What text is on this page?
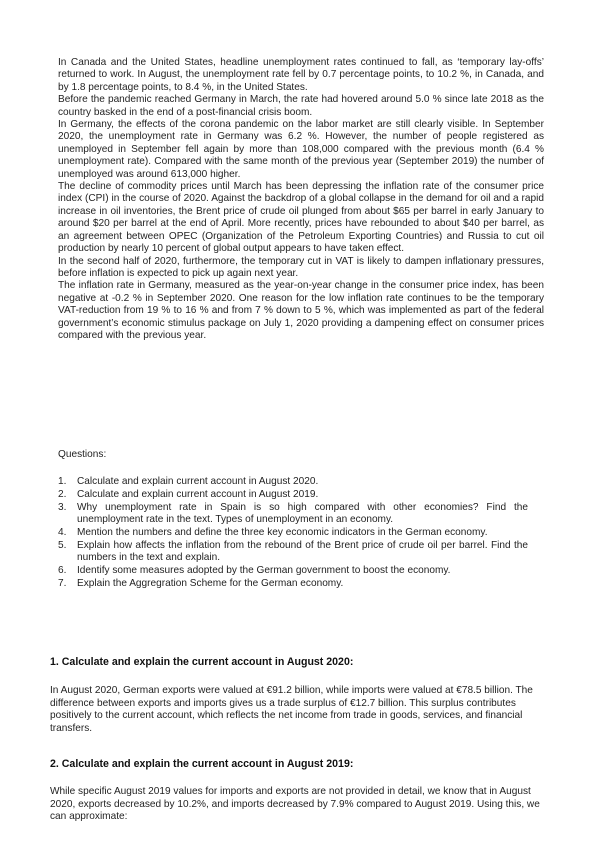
In Canada and the United States, headline unemployment rates continued to fall, as ‘temporary lay-offs’ returned to work. In August, the unemployment rate fell by 0.7 percentage points, to 10.2 %, in Canada, and by 1.8 percentage points, to 8.4 %, in the United States.

Before the pandemic reached Germany in March, the rate had hovered around 5.0 % since late 2018 as the country basked in the end of a post-financial crisis boom.

In Germany, the effects of the corona pandemic on the labor market are still clearly visible. In September 2020, the unemployment rate in Germany was 6.2 %. However, the number of people registered as unemployed in September fell again by more than 108,000 compared with the previous month (6.4 % unemployment rate). Compared with the same month of the previous year (September 2019) the number of unemployed was around 613,000 higher.

The decline of commodity prices until March has been depressing the inflation rate of the consumer price index (CPI) in the course of 2020. Against the backdrop of a global collapse in the demand for oil and a rapid increase in oil inventories, the Brent price of crude oil plunged from about $65 per barrel in early January to around $20 per barrel at the end of April. More recently, prices have rebounded to about $40 per barrel, as an agreement between OPEC (Organization of the Petroleum Exporting Countries) and Russia to cut oil production by nearly 10 percent of global output appears to have taken effect.

In the second half of 2020, furthermore, the temporary cut in VAT is likely to dampen inflationary pressures, before inflation is expected to pick up again next year.

The inflation rate in Germany, measured as the year-on-year change in the consumer price index, has been negative at -0.2 % in September 2020. One reason for the low inflation rate continues to be the temporary VAT-reduction from 19 % to 16 % and from 7 % down to 5 %, which was implemented as part of the federal government’s economic stimulus package on July 1, 2020 providing a dampening effect on consumer prices compared with the previous year.

Questions:

1. Calculate and explain current account in August 2020.
2. Calculate and explain current account in August 2019.
3. Why unemployment rate in Spain is so high compared with other economies? Find the unemployment rate in the text. Types of unemployment in an economy.
4. Mention the numbers and define the three key economic indicators in the German economy.
5. Explain how affects the inflation from the rebound of the Brent price of crude oil per barrel. Find the numbers in the text and explain.
6. Identify some measures adopted by the German government to boost the economy.
7. Explain the Aggregration Scheme for the German economy.
1. Calculate and explain the current account in August 2020:

In August 2020, German exports were valued at €91.2 billion, while imports were valued at €78.5 billion. The difference between exports and imports gives us a trade surplus of €12.7 billion. This surplus contributes positively to the current account, which reflects the net income from trade in goods, services, and financial transfers.

2. Calculate and explain the current account in August 2019:

While specific August 2019 values for imports and exports are not provided in detail, we know that in August 2020, exports decreased by 10.2%, and imports decreased by 7.9% compared to August 2019. Using this, we can approximate:
